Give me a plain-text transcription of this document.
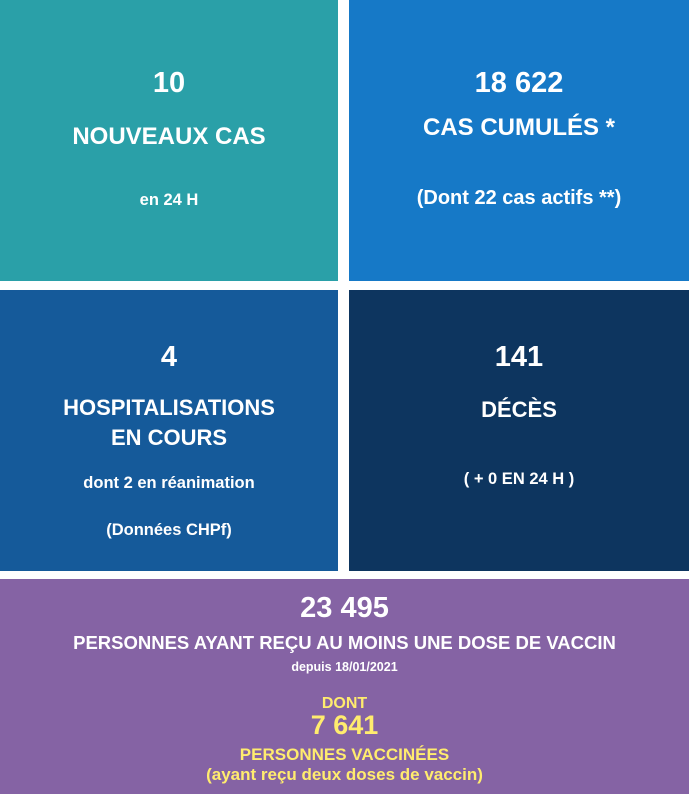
10
NOUVEAUX CAS
en 24 H
18 622
CAS CUMULÉS *
(Dont 22 cas actifs **)
4
HOSPITALISATIONS
EN COURS
dont 2 en réanimation
(Données CHPf)
141
DÉCÈS
( + 0 EN 24 H )
23 495
PERSONNES AYANT REÇU AU MOINS UNE DOSE DE VACCIN
depuis 18/01/2021
DONT
7 641
PERSONNES VACCINÉES
(ayant reçu deux doses de vaccin)
